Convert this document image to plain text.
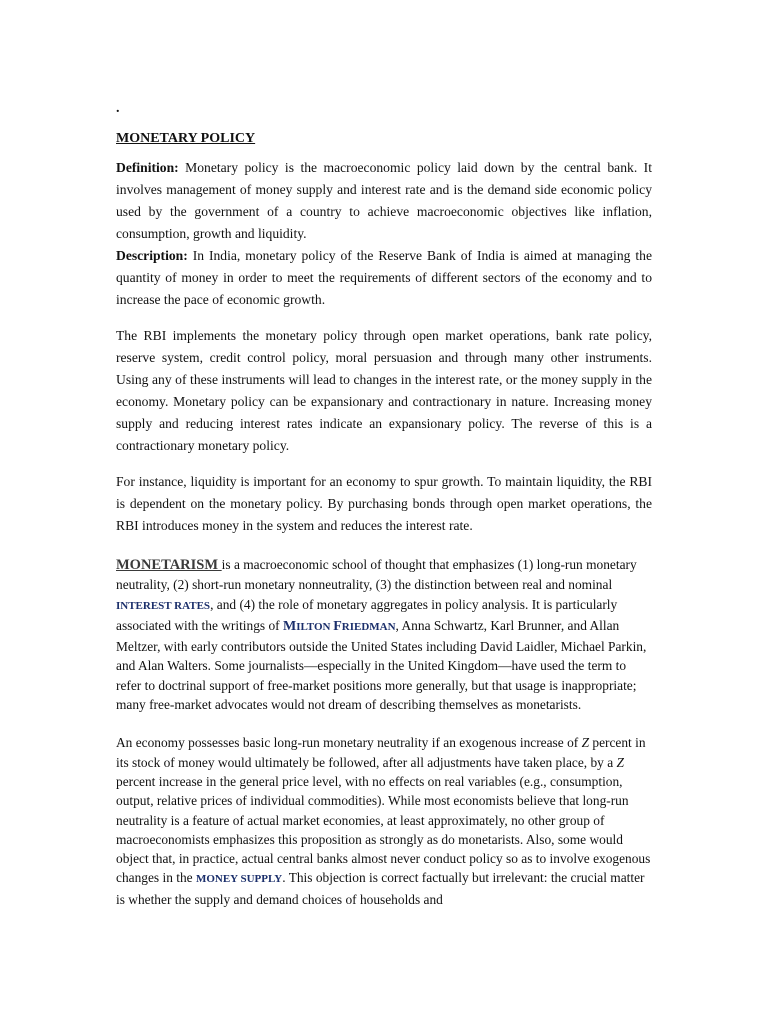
.
MONETARY POLICY

Definition: Monetary policy is the macroeconomic policy laid down by the central bank. It involves management of money supply and interest rate and is the demand side economic policy used by the government of a country to achieve macroeconomic objectives like inflation, consumption, growth and liquidity.

Description: In India, monetary policy of the Reserve Bank of India is aimed at managing the quantity of money in order to meet the requirements of different sectors of the economy and to increase the pace of economic growth.

The RBI implements the monetary policy through open market operations, bank rate policy, reserve system, credit control policy, moral persuasion and through many other instruments. Using any of these instruments will lead to changes in the interest rate, or the money supply in the economy. Monetary policy can be expansionary and contractionary in nature. Increasing money supply and reducing interest rates indicate an expansionary policy. The reverse of this is a contractionary monetary policy.

For instance, liquidity is important for an economy to spur growth. To maintain liquidity, the RBI is dependent on the monetary policy. By purchasing bonds through open market operations, the RBI introduces money in the system and reduces the interest rate.

MONETARISM is a macroeconomic school of thought that emphasizes (1) long-run monetary neutrality, (2) short-run monetary nonneutrality, (3) the distinction between real and nominal INTEREST RATES, and (4) the role of monetary aggregates in policy analysis. It is particularly associated with the writings of MILTON FRIEDMAN, Anna Schwartz, Karl Brunner, and Allan Meltzer, with early contributors outside the United States including David Laidler, Michael Parkin, and Alan Walters. Some journalists—especially in the United Kingdom—have used the term to refer to doctrinal support of free-market positions more generally, but that usage is inappropriate; many free-market advocates would not dream of describing themselves as monetarists.

An economy possesses basic long-run monetary neutrality if an exogenous increase of Z percent in its stock of money would ultimately be followed, after all adjustments have taken place, by a Z percent increase in the general price level, with no effects on real variables (e.g., consumption, output, relative prices of individual commodities). While most economists believe that long-run neutrality is a feature of actual market economies, at least approximately, no other group of macroeconomists emphasizes this proposition as strongly as do monetarists. Also, some would object that, in practice, actual central banks almost never conduct policy so as to involve exogenous changes in the MONEY SUPPLY. This objection is correct factually but irrelevant: the crucial matter is whether the supply and demand choices of households and
